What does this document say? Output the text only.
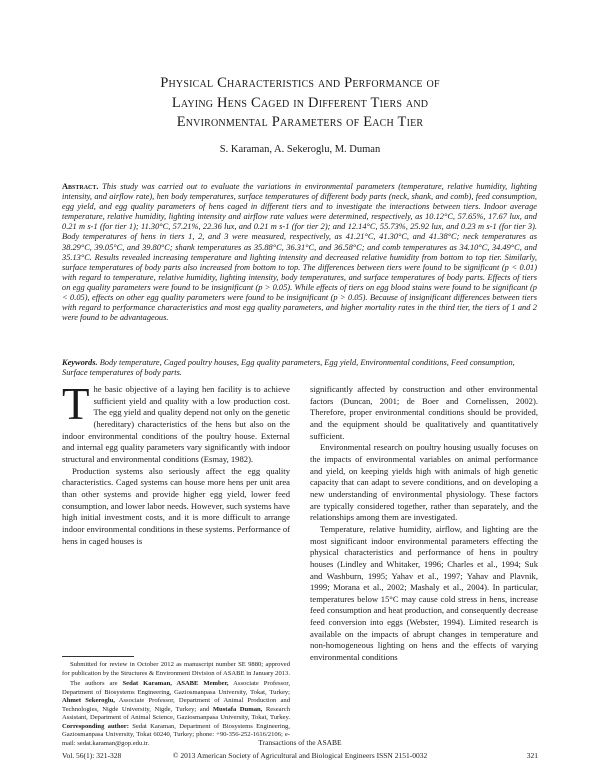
Physical Characteristics and Performance of
Laying Hens Caged in Different Tiers and
Environmental Parameters of Each Tier
S. Karaman, A. Sekeroglu, M. Duman
Abstract. This study was carried out to evaluate the variations in environmental parameters (temperature, relative humidity, lighting intensity, and airflow rate), hen body temperatures, surface temperatures of different body parts (neck, shank, and comb), feed consumption, egg yield, and egg quality parameters of hens caged in different tiers and to investigate the interactions between tiers. Indoor average temperature, relative humidity, lighting intensity and airflow rate values were determined, respectively, as 10.12°C, 57.65%, 17.67 lux, and 0.21 m s-1 (for tier 1); 11.30°C, 57.21%, 22.36 lux, and 0.21 m s-1 (for tier 2); and 12.14°C, 55.73%, 25.92 lux, and 0.23 m s-1 (for tier 3). Body temperatures of hens in tiers 1, 2, and 3 were measured, respectively, as 41.21°C, 41.30°C, and 41.38°C; neck temperatures as 38.29°C, 39.05°C, and 39.80°C; shank temperatures as 35.88°C, 36.31°C, and 36.58°C; and comb temperatures as 34.10°C, 34.49°C, and 35.13°C. Results revealed increasing temperature and lighting intensity and decreased relative humidity from bottom to top tier. Similarly, surface temperatures of body parts also increased from bottom to top. The differences between tiers were found to be significant (p < 0.01) with regard to temperature, relative humidity, lighting intensity, body temperatures, and surface temperatures of body parts. Effects of tiers on egg quality parameters were found to be insignificant (p > 0.05). While effects of tiers on egg blood stains were found to be significant (p < 0.05), effects on other egg quality parameters were found to be insignificant (p > 0.05). Because of insignificant differences between tiers with regard to performance characteristics and most egg quality parameters, and higher mortality rates in the third tier, the tiers of 1 and 2 were found to be advantageous.
Keywords. Body temperature, Caged poultry houses, Egg quality parameters, Egg yield, Environmental conditions, Feed consumption, Surface temperatures of body parts.

The basic objective of a laying hen facility is to achieve sufficient yield and quality with a low production cost. The egg yield and quality depend not only on the genetic (hereditary) characteristics of the hens but also on the indoor environmental conditions of the poultry house. External and internal egg quality parameters vary significantly with indoor structural and environmental conditions (Esmay, 1982).

Production systems also seriously affect the egg quality characteristics. Caged systems can house more hens per unit area than other systems and provide higher egg yield, lower feed consumption, and lower labor needs. However, such systems have high initial investment costs, and it is more difficult to arrange indoor environmental conditions in these systems. Performance of hens in caged houses is

significantly affected by construction and other environmental factors (Duncan, 2001; de Boer and Cornelissen, 2002). Therefore, proper environmental conditions should be provided, and the equipment should be qualitatively and quantitatively sufficient.

Environmental research on poultry housing usually focuses on the impacts of environmental variables on animal performance and yield, on keeping yields high with animals of high genetic capacity that can adapt to severe conditions, and on developing a new understanding of environmental physiology. These factors are typically considered together, rather than separately, and the relationships among them are investigated.

Temperature, relative humidity, airflow, and lighting are the most significant indoor environmental parameters effecting the physical characteristics and performance of hens in poultry houses (Lindley and Whitaker, 1996; Charles et al., 1994; Suk and Washburn, 1995; Yahav et al., 1997; Yahav and Plavnik, 1999; Morana et al., 2002; Mashaly et al., 2004). In particular, temperatures below 15°C may cause cold stress in hens, increase feed consumption and heat production, and consequently decrease feed conversion into eggs (Webster, 1994). Limited research is available on the impacts of abrupt changes in temperature and non-homogeneous lighting on hens and the effects of varying environmental conditions

Submitted for review in October 2012 as manuscript number SE 9880; approved for publication by the Structures & Environment Division of ASABE in January 2013.

The authors are Sedat Karaman, ASABE Member, Associate Professor, Department of Biosystems Engineering, Gaziosmanpasa University, Tokat, Turkey; Ahmet Sekeroglu, Associate Professor, Department of Animal Production and Technologies, Nigde University, Nigde, Turkey; and Mustafa Duman, Research Assistant, Department of Animal Science, Gaziosmanpasa University, Tokat, Turkey. Corresponding author: Sedat Karaman, Department of Biosystems Engineering, Gaziosmanpasa University, Tokat 60240, Turkey; phone: +90-356-252-1616/2106; e-mail: sedat.karaman@gop.edu.tr.	Transactions of the ASABE
Vol. 56(1): 321-328	© 2013 American Society of Agricultural and Biological Engineers ISSN 2151-0032	321
